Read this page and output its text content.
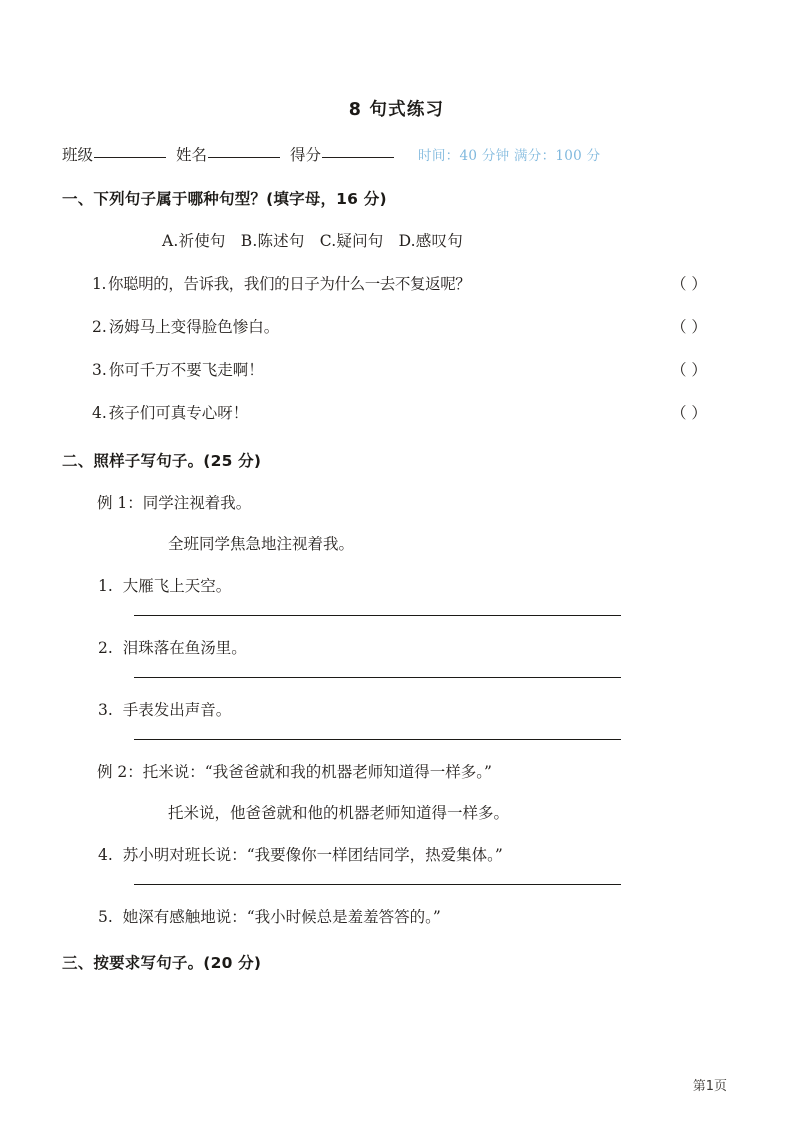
8 句式练习
班级	姓名	得分	时间：40 分钟 满分：100 分
一、下列句子属于哪种句型？(填字母，16 分)
A.祈使句 B.陈述句 C.疑问句 D.感叹句
1. 你聪明的，告诉我，我们的日子为什么一去不复返呢？	（ ）
2. 汤姆马上变得脸色惨白。	（ ）
3. 你可千万不要飞走啊！	（ ）
4. 孩子们可真专心呀！	（ ）
二、照样子写句子。(25 分)
例 1：同学注视着我。
全班同学焦急地注视着我。
1. 大雁飞上天空。
2. 泪珠落在鱼汤里。
3. 手表发出声音。
例 2：托米说：“我爸爸就和我的机器老师知道得一样多。”
托米说，他爸爸就和他的机器老师知道得一样多。
4. 苏小明对班长说：“我要像你一样团结同学，热爱集体。”
5. 她深有感触地说：“我小时候总是羞羞答答的。”
三、按要求写句子。(20 分)
第1页
